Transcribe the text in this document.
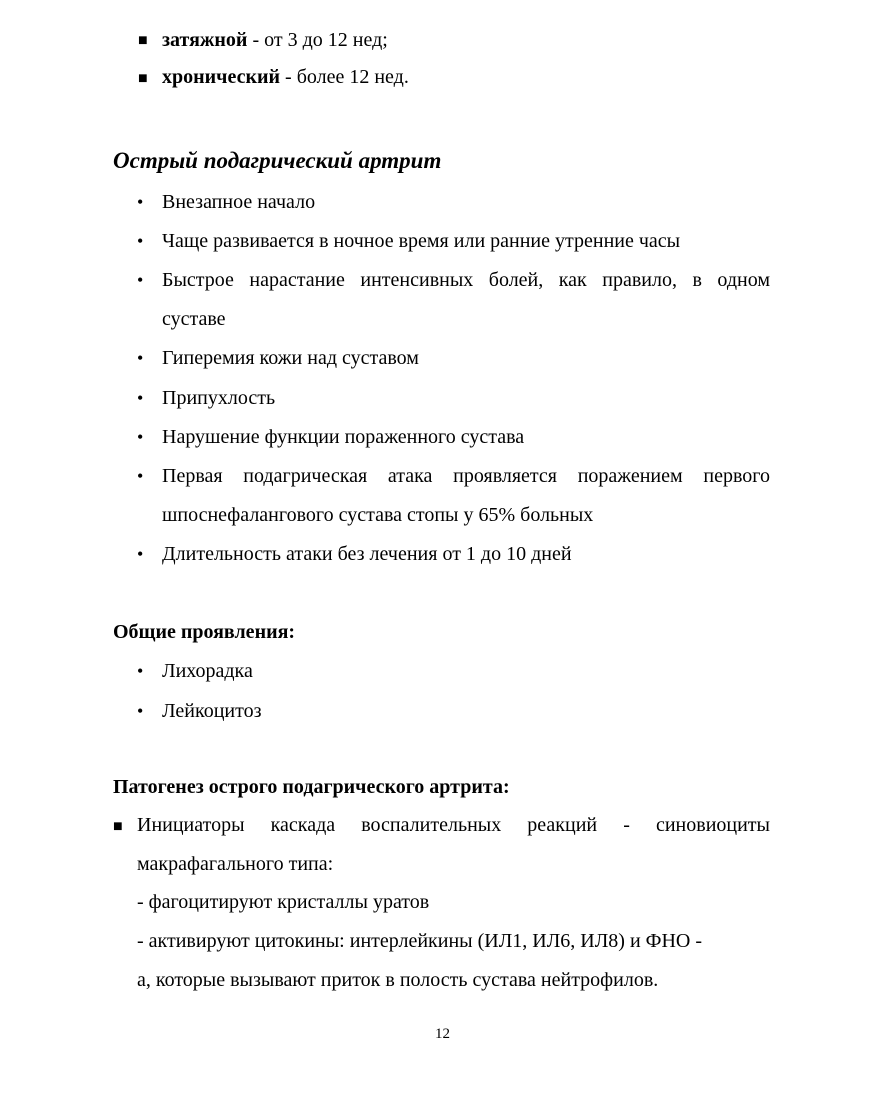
■ затяжной - от 3 до 12 нед;
■ хронический - более 12 нед.
Острый подагрический артрит
• Внезапное начало
• Чаще развивается в ночное время или ранние утренние часы
• Быстрое нарастание интенсивных болей, как правило, в одном
суставе
• Гиперемия кожи над суставом
• Припухлость
• Нарушение функции пораженного сустава
• Первая подагрическая атака проявляется поражением первого
шпоснефалангового сустава стопы у 65% больных
• Длительность атаки без лечения от 1 до 10 дней
Общие проявления:
• Лихорадка
• Лейкоцитоз
Патогенез острого подагрического артрита:
■ Инициаторы каскада воспалительных реакций - синовиоциты
макрафагального типа:
- фагоцитируют кристаллы уратов
- активируют цитокины: интерлейкины (ИЛ1, ИЛ6, ИЛ8) и ФНО -
а, которые вызывают приток в полость сустава нейтрофилов.
12
